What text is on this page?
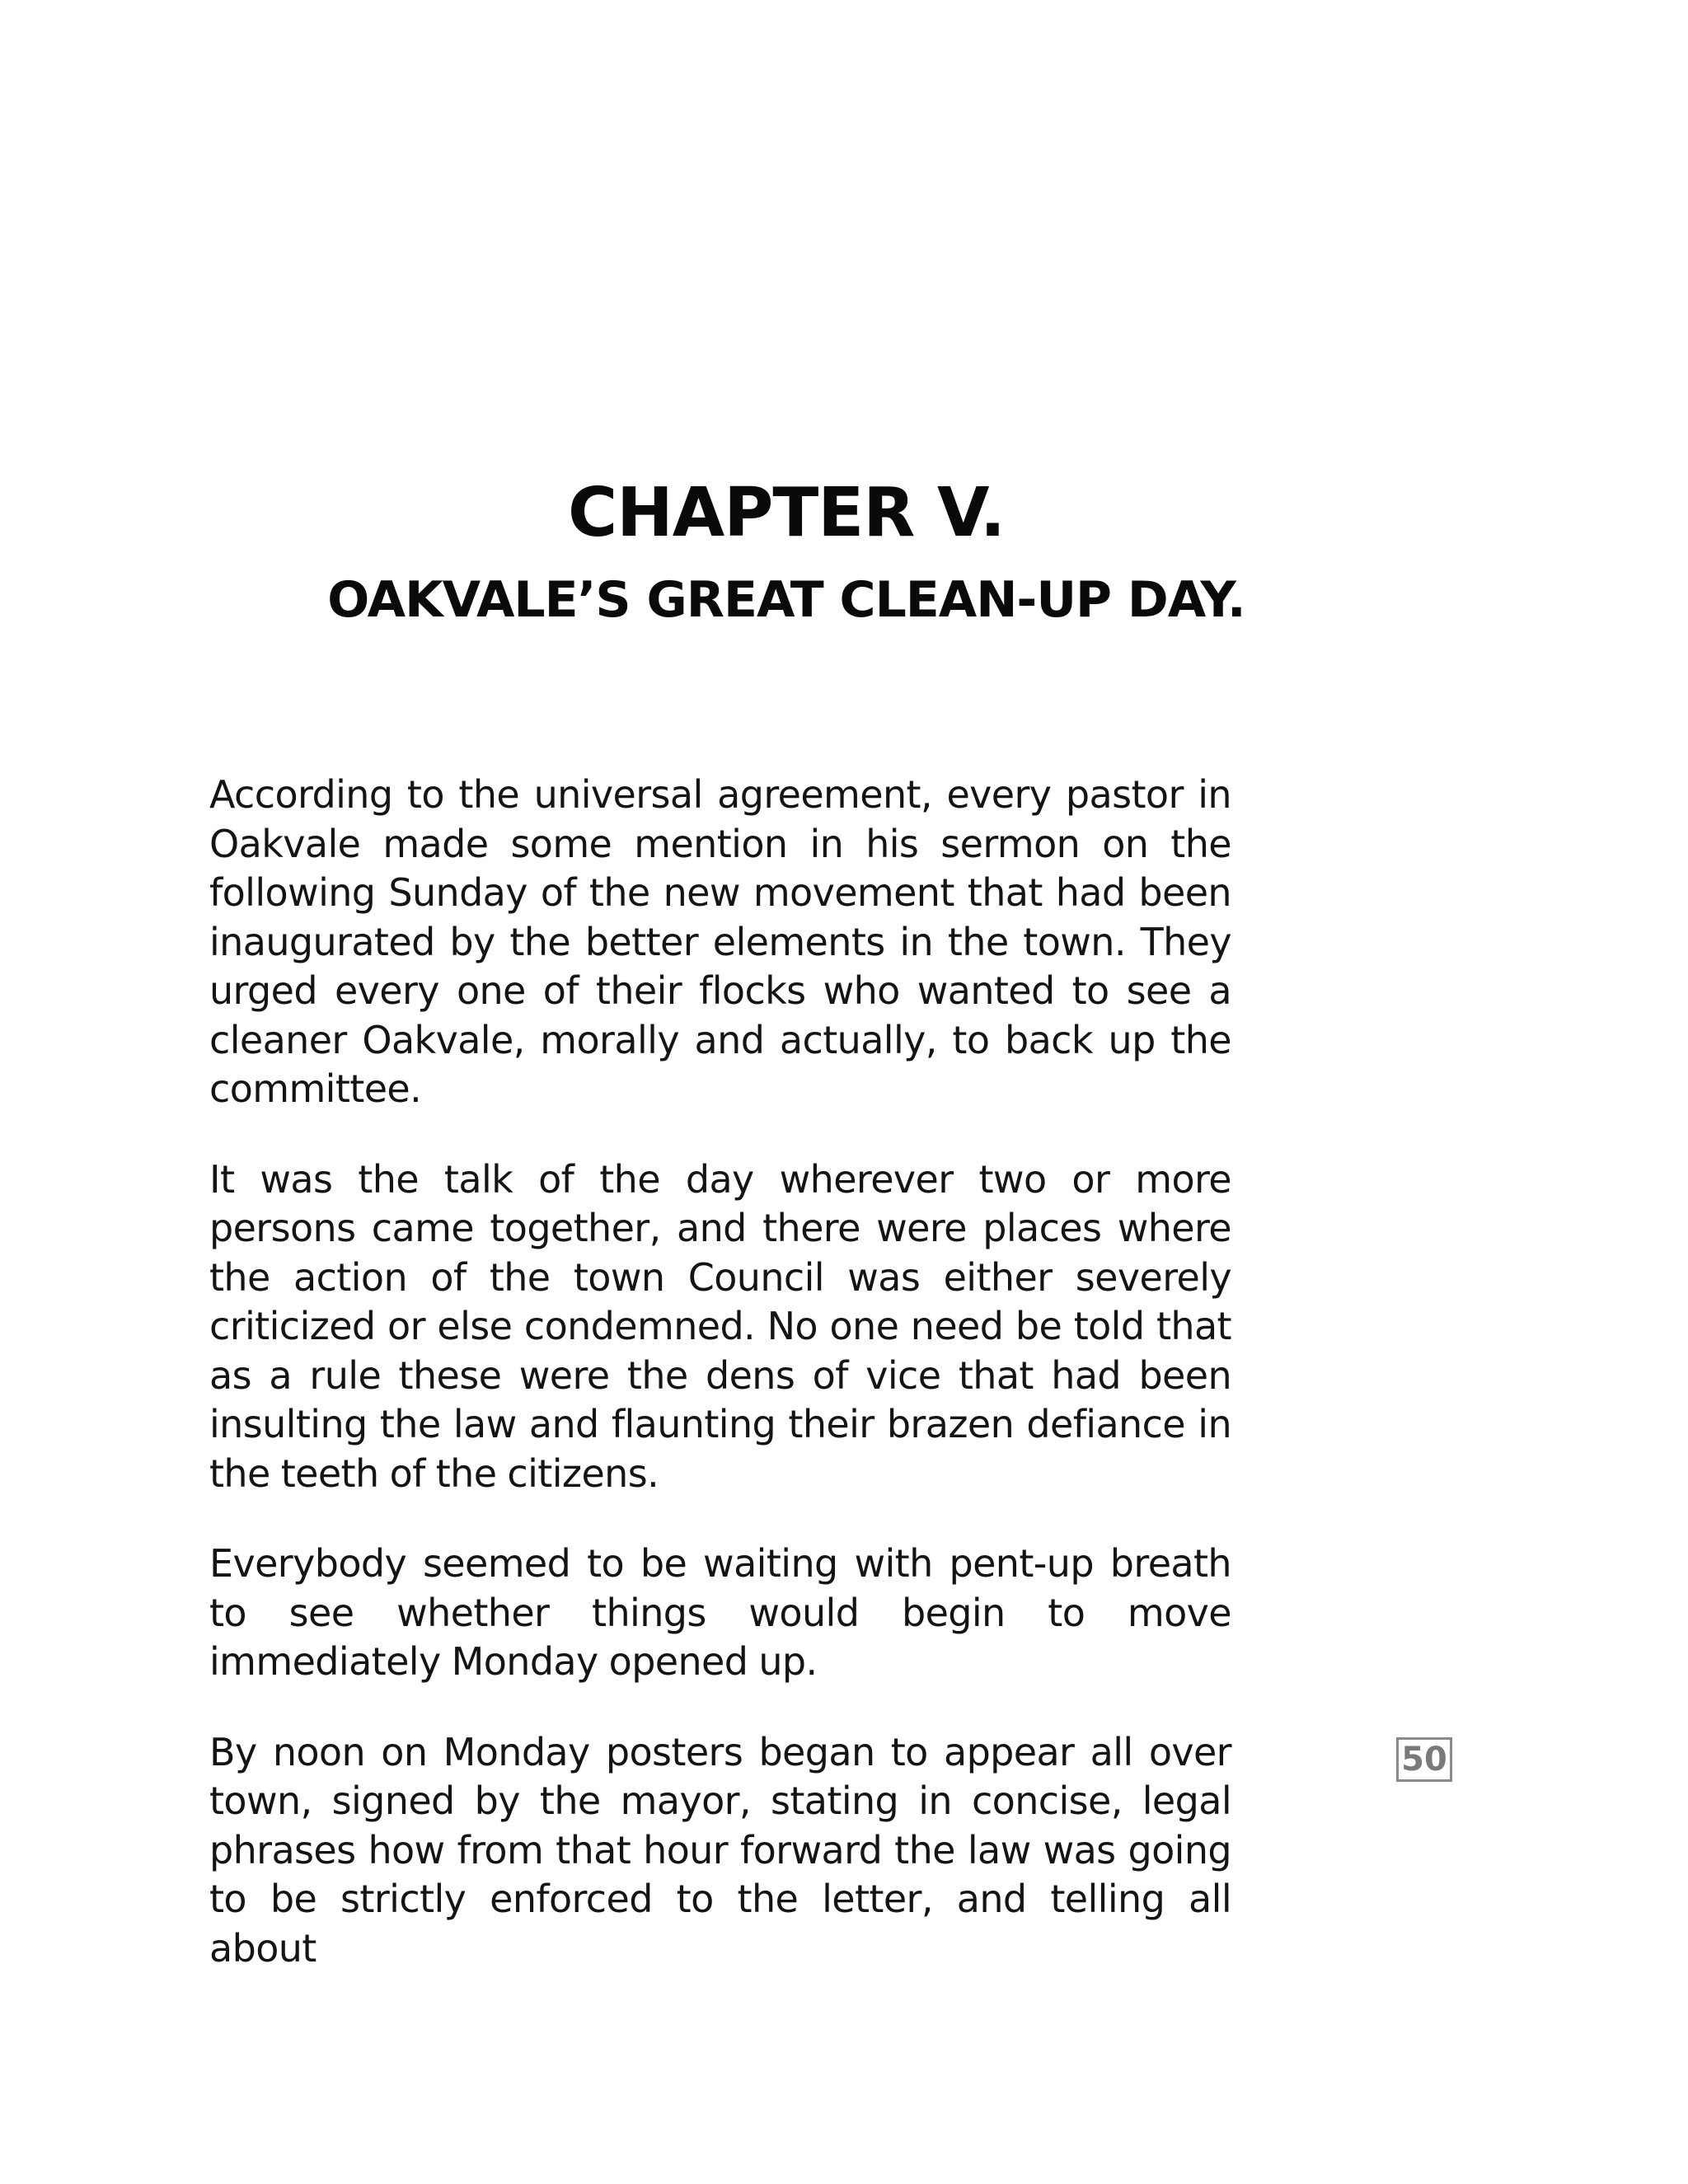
CHAPTER V.
OAKVALE’S GREAT CLEAN-UP DAY.

According to the universal agreement, every pastor in Oakvale made some mention in his sermon on the following Sunday of the new movement that had been inaugurated by the better elements in the town. They urged every one of their flocks who wanted to see a cleaner Oakvale, morally and actually, to back up the committee.

It was the talk of the day wherever two or more persons came together, and there were places where the action of the town Council was either severely criticized or else condemned. No one need be told that as a rule these were the dens of vice that had been insulting the law and flaunting their brazen defiance in the teeth of the citizens.

Everybody seemed to be waiting with pent-up breath to see whether things would begin to move immediately Monday opened up.

By noon on Monday posters began to appear all over town, signed by the mayor, stating in concise, legal phrases how from that hour forward the law was going to be strictly enforced to the letter, and telling all about

50
